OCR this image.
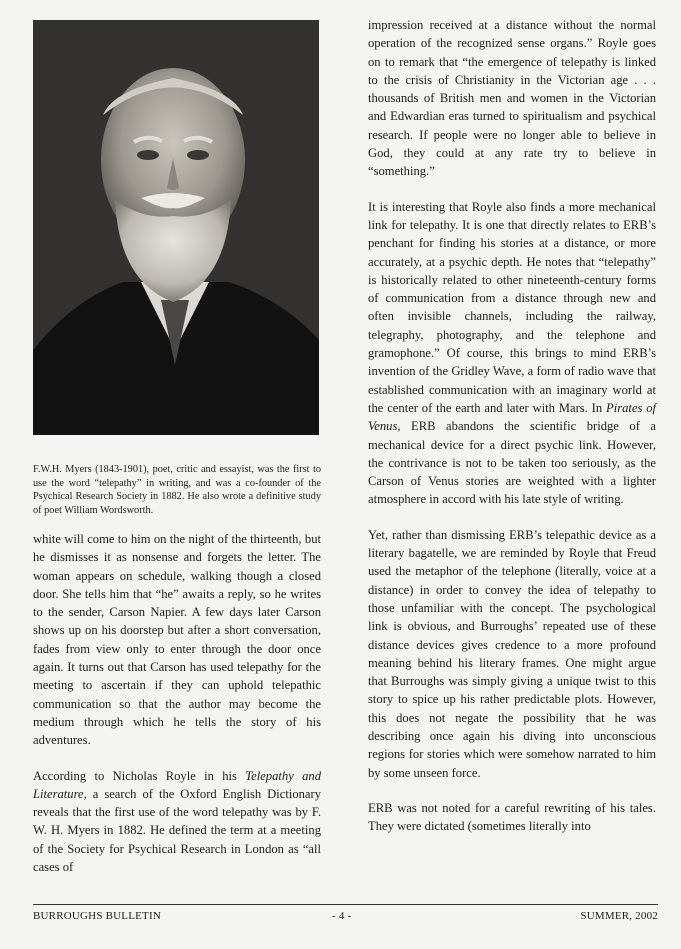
F.W.H. Myers (1843-1901), poet, critic and essayist, was the first to use the word “telepathy” in writing, and was a co-founder of the Psychical Research Society in 1882. He also wrote a definitive study of poet William Wordsworth.

white will come to him on the night of the thirteenth, but he dismisses it as nonsense and forgets the letter. The woman appears on schedule, walking though a closed door. She tells him that “he” awaits a reply, so he writes to the sender, Carson Napier. A few days later Carson shows up on his doorstep but after a short conversation, fades from view only to enter through the door once again. It turns out that Carson has used telepathy for the meeting to ascertain if they can uphold telepathic communication so that the author may become the medium through which he tells the story of his adventures.

According to Nicholas Royle in his Telepathy and Literature, a search of the Oxford English Dictionary reveals that the first use of the word telepathy was by F. W. H. Myers in 1882. He defined the term at a meeting of the Society for Psychical Research in London as “all cases of

impression received at a distance without the normal operation of the recognized sense organs.” Royle goes on to remark that “the emergence of telepathy is linked to the crisis of Christianity in the Victorian age . . . thousands of British men and women in the Victorian and Edwardian eras turned to spiritualism and psychical research. If people were no longer able to believe in God, they could at any rate try to believe in “something.”

It is interesting that Royle also finds a more mechanical link for telepathy. It is one that directly relates to ERB’s penchant for finding his stories at a distance, or more accurately, at a psychic depth. He notes that “telepathy” is historically related to other nineteenth-century forms of communication from a distance through new and often invisible channels, including the railway, telegraphy, photography, and the telephone and gramophone.” Of course, this brings to mind ERB’s invention of the Gridley Wave, a form of radio wave that established communication with an imaginary world at the center of the earth and later with Mars. In Pirates of Venus, ERB abandons the scientific bridge of a mechanical device for a direct psychic link. However, the contrivance is not to be taken too seriously, as the Carson of Venus stories are weighted with a lighter atmosphere in accord with his late style of writing.

Yet, rather than dismissing ERB’s telepathic device as a literary bagatelle, we are reminded by Royle that Freud used the metaphor of the telephone (literally, voice at a distance) in order to convey the idea of telepathy to those unfamiliar with the concept. The psychological link is obvious, and Burroughs’ repeated use of these distance devices gives credence to a more profound meaning behind his literary frames. One might argue that Burroughs was simply giving a unique twist to this story to spice up his rather predictable plots. However, this does not negate the possibility that he was describing once again his diving into unconscious regions for stories which were somehow narrated to him by some unseen force.

ERB was not noted for a careful rewriting of his tales. They were dictated (sometimes literally into

BURROUGHS BULLETIN	- 4 -	SUMMER, 2002
